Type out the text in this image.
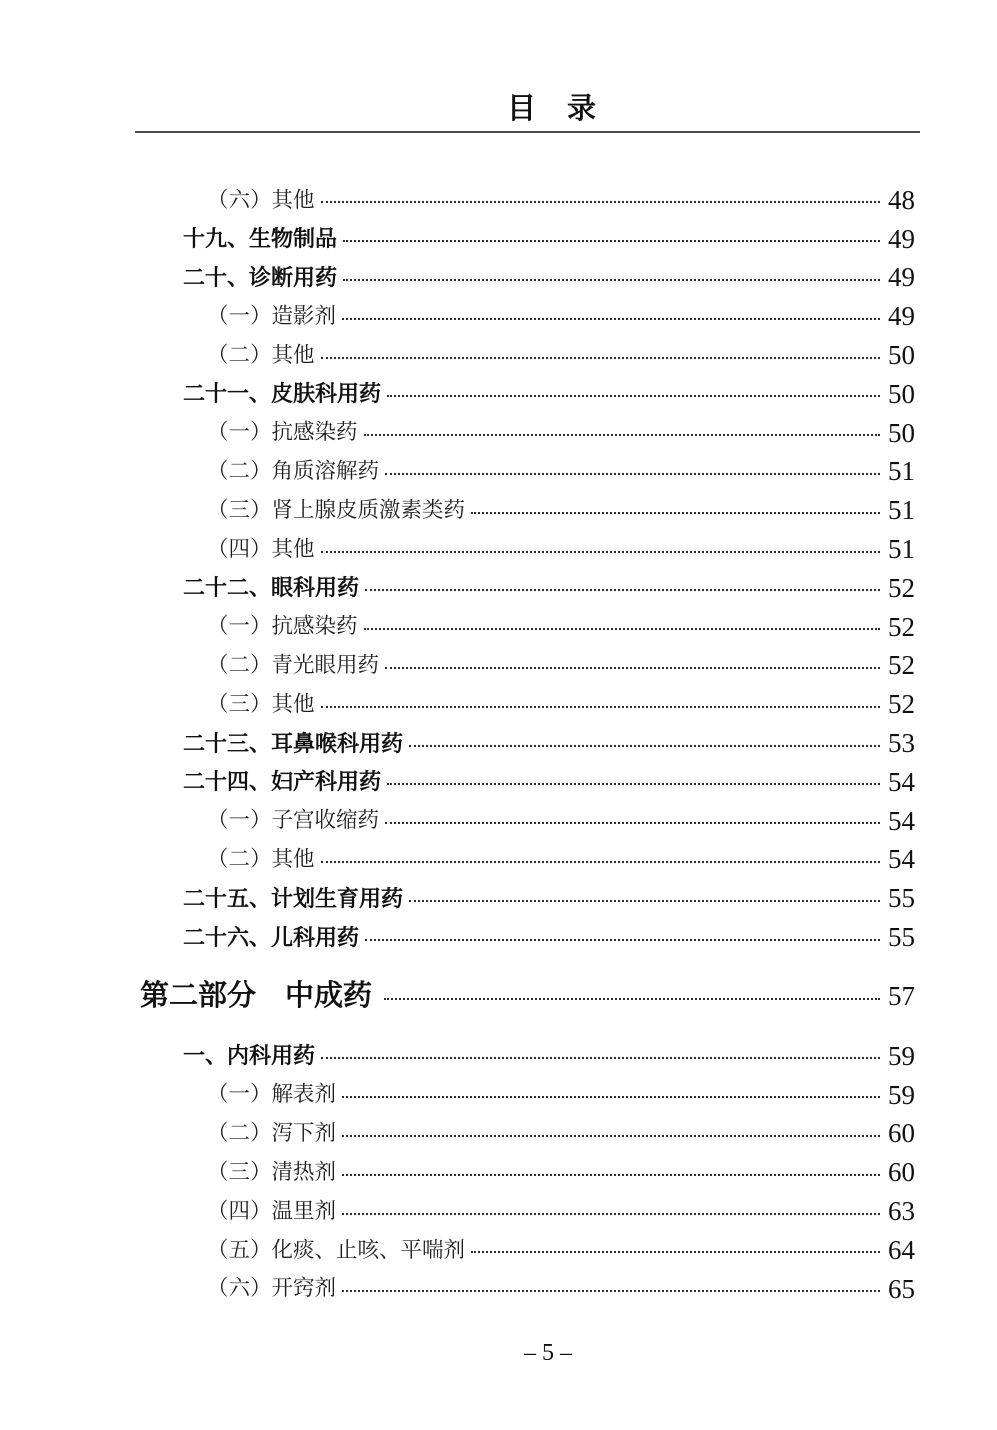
目　录
（六）其他	48
十九、生物制品	49
二十、诊断用药	49
（一）造影剂	49
（二）其他	50
二十一、皮肤科用药	50
（一）抗感染药	50
（二）角质溶解药	51
（三）肾上腺皮质激素类药	51
（四）其他	51
二十二、眼科用药	52
（一）抗感染药	52
（二）青光眼用药	52
（三）其他	52
二十三、耳鼻喉科用药	53
二十四、妇产科用药	54
（一）子宫收缩药	54
（二）其他	54
二十五、计划生育用药	55
二十六、儿科用药	55
第二部分　中成药	57
一、内科用药	59
（一）解表剂	59
（二）泻下剂	60
（三）清热剂	60
（四）温里剂	63
（五）化痰、止咳、平喘剂	64
（六）开窍剂	65
– 5 –
